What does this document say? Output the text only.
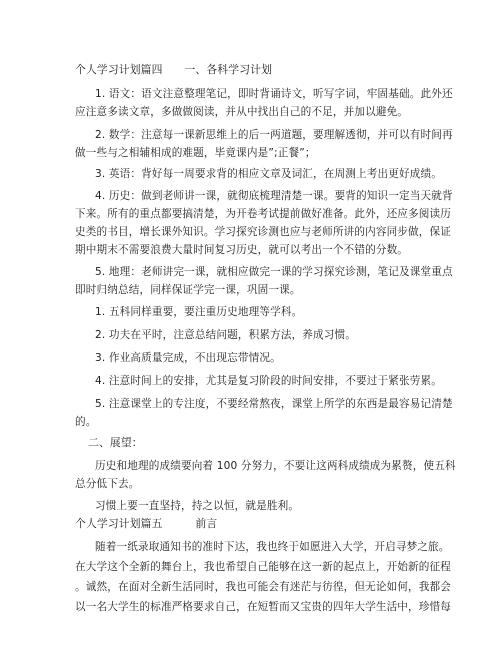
个人学习计划篇四　　一、各科学习计划
1. 语文：语文注意整理笔记，即时背诵诗文，听写字词，牢固基础。此外还
应注意多读文章，多做做阅读，并从中找出自己的不足，并加以避免。
2. 数学：注意每一课新思维上的后一两道题，要理解透彻，并可以有时间再
做一些与之相辅相成的难题，毕竟课内是”;正餐”；
3. 英语：背好每一周要求背的相应文章及词汇，在周测上考出更好成绩。
4. 历史：做到老师讲一课，就彻底梳理清楚一课。要背的知识一定当天就背
下来。所有的重点都要搞清楚，为开卷考试提前做好准备。此外，还应多阅读历
史类的书目，增长课外知识。学习探究诊测也应与老师所讲的内容同步做，保证
期中期末不需要浪费大量时间复习历史，就可以考出一个不错的分数。
5. 地理：老师讲完一课，就相应做完一课的学习探究诊测，笔记及课堂重点
即时归纳总结，同样保证学完一课，巩固一课。
1. 五科同样重要，要注重历史地理等学科。
2. 功夫在平时，注意总结问题，积累方法，养成习惯。
3. 作业高质量完成，不出现忘带情况。
4. 注意时间上的安排，尤其是复习阶段的时间安排，不要过于紧张劳累。
5. 注意课堂上的专注度，不要经常熬夜，课堂上所学的东西是最容易记清楚
的。
二、展望：
历史和地理的成绩要向着 100 分努力，不要让这两科成绩成为累赘，使五科
总分低下去。
习惯上要一直坚持，持之以恒，就是胜利。
个人学习计划篇五　　　前言
随着一纸录取通知书的准时下达，我也终于如愿进入大学，开启寻梦之旅。
在大学这个全新的舞台上，我也希望自己能够在这一新的起点上，开始新的征程
。诚然，在面对全新生活同时，我也可能会有迷茫与彷徨，但无论如何，我都会
以一名大学生的标准严格要求自己，在短暂而又宝贵的四年大学生活中，珍惜每
